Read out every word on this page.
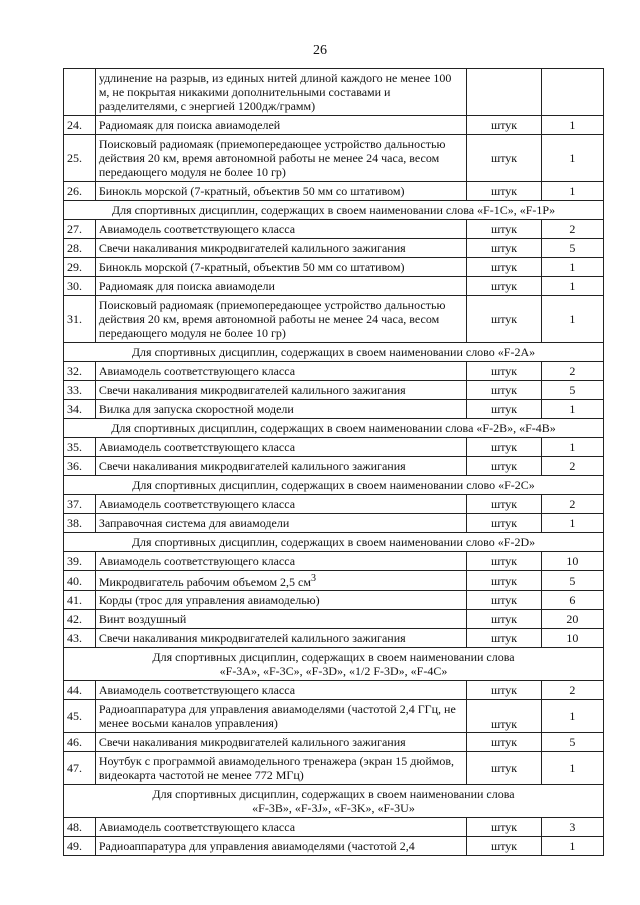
26
	удлинение на разрыв, из единых нитей длиной каждого не менее 100 м, не покрытая никакими дополнительными составами и разделителями, с энергией 1200дж/грамм)		
24.	Радиомаяк для поиска авиамоделей	штук	1
25.	Поисковый радиомаяк (приемопередающее устройство дальностью действия 20 км, время автономной работы не менее 24 часа, весом передающего модуля не более 10 гр)	штук	1
26.	Бинокль морской (7-кратный, объектив 50 мм со штативом)	штук	1
Для спортивных дисциплин, содержащих в своем наименовании слова «F-1C», «F-1P»			
27.	Авиамодель соответствующего класса	штук	2
28.	Свечи накаливания микродвигателей калильного зажигания	штук	5
29.	Бинокль морской (7-кратный, объектив 50 мм со штативом)	штук	1
30.	Радиомаяк для поиска авиамодели	штук	1
31.	Поисковый радиомаяк (приемопередающее устройство дальностью действия 20 км, время автономной работы не менее 24 часа, весом передающего модуля не более 10 гр)	штук	1
Для спортивных дисциплин, содержащих в своем наименовании слово «F-2A»			
32.	Авиамодель соответствующего класса	штук	2
33.	Свечи накаливания микродвигателей калильного зажигания	штук	5
34.	Вилка для запуска скоростной модели	штук	1
Для спортивных дисциплин, содержащих в своем наименовании слова «F-2B», «F-4B»			
35.	Авиамодель соответствующего класса	штук	1
36.	Свечи накаливания микродвигателей калильного зажигания	штук	2
Для спортивных дисциплин, содержащих в своем наименовании слово «F-2C»			
37.	Авиамодель соответствующего класса	штук	2
38.	Заправочная система для авиамодели	штук	1
Для спортивных дисциплин, содержащих в своем наименовании слово «F-2D»			
39.	Авиамодель соответствующего класса	штук	10
40.	Микродвигатель рабочим объемом 2,5 $см^3$	штук	5
41.	Корды (трос для управления авиамоделью)	штук	6
42.	Винт воздушный	штук	20
43.	Свечи накаливания микродвигателей калильного зажигания	штук	10

Для спортивных дисциплин, содержащих в своем наименовании слова
«F-3A», «F-3C», «F-3D», «1/2 F-3D», «F-4C»			

44.	Авиамодель соответствующего класса	штук	2
45.	Радиоаппаратура для управления авиамоделями (частотой 2,4 ГГц, не менее восьми каналов управления)	штук	1
46.	Свечи накаливания микродвигателей калильного зажигания	штук	5
47.	Ноутбук с программой авиамодельного тренажера (экран 15 дюймов, видеокарта частотой не менее 772 МГц)	штук	1

Для спортивных дисциплин, содержащих в своем наименовании слова
«F-3B», «F-3J», «F-3K», «F-3U»			

48.	Авиамодель соответствующего класса	штук	3
49.	Радиоаппаратура для управления авиамоделями (частотой 2,4	штук	1
